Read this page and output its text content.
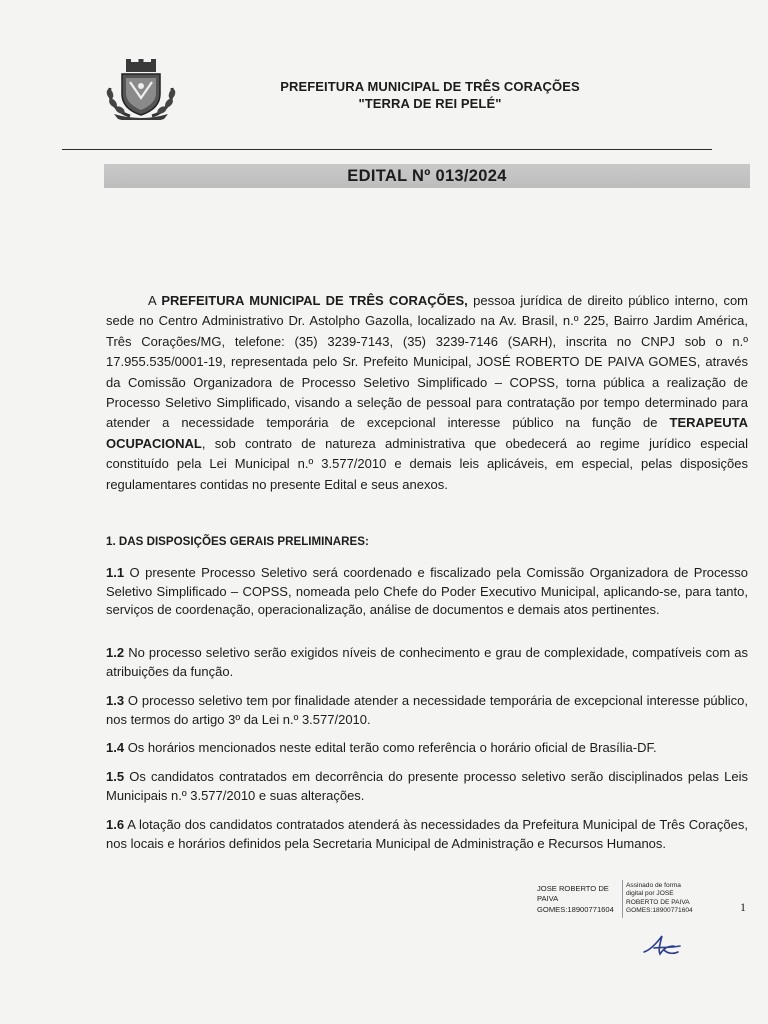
PREFEITURA MUNICIPAL DE TRÊS CORAÇÕES
"TERRA DE REI PELÉ"
EDITAL Nº 013/2024

A PREFEITURA MUNICIPAL DE TRÊS CORAÇÕES, pessoa jurídica de direito público interno, com sede no Centro Administrativo Dr. Astolpho Gazolla, localizado na Av. Brasil, n.º 225, Bairro Jardim América, Três Corações/MG, telefone: (35) 3239-7143, (35) 3239-7146 (SARH), inscrita no CNPJ sob o n.º 17.955.535/0001-19, representada pelo Sr. Prefeito Municipal, JOSÉ ROBERTO DE PAIVA GOMES, através da Comissão Organizadora de Processo Seletivo Simplificado – COPSS, torna pública a realização de Processo Seletivo Simplificado, visando a seleção de pessoal para contratação por tempo determinado para atender a necessidade temporária de excepcional interesse público na função de TERAPEUTA OCUPACIONAL, sob contrato de natureza administrativa que obedecerá ao regime jurídico especial constituído pela Lei Municipal n.º 3.577/2010 e demais leis aplicáveis, em especial, pelas disposições regulamentares contidas no presente Edital e seus anexos.

1. DAS DISPOSIÇÕES GERAIS PRELIMINARES:

1.1 O presente Processo Seletivo será coordenado e fiscalizado pela Comissão Organizadora de Processo Seletivo Simplificado – COPSS, nomeada pelo Chefe do Poder Executivo Municipal, aplicando-se, para tanto, serviços de coordenação, operacionalização, análise de documentos e demais atos pertinentes.

1.2 No processo seletivo serão exigidos níveis de conhecimento e grau de complexidade, compatíveis com as atribuições da função.

1.3 O processo seletivo tem por finalidade atender a necessidade temporária de excepcional interesse público, nos termos do artigo 3º da Lei n.º 3.577/2010.

1.4 Os horários mencionados neste edital terão como referência o horário oficial de Brasília-DF.

1.5 Os candidatos contratados em decorrência do presente processo seletivo serão disciplinados pelas Leis Municipais n.º 3.577/2010 e suas alterações.

1.6 A lotação dos candidatos contratados atenderá às necessidades da Prefeitura Municipal de Três Corações, nos locais e horários definidos pela Secretaria Municipal de Administração e Recursos Humanos.

JOSE ROBERTO DE
PAIVA
GOMES:18900771604
Assinado de forma
digital por JOSE
ROBERTO DE PAIVA
GOMES:18900771604	1
